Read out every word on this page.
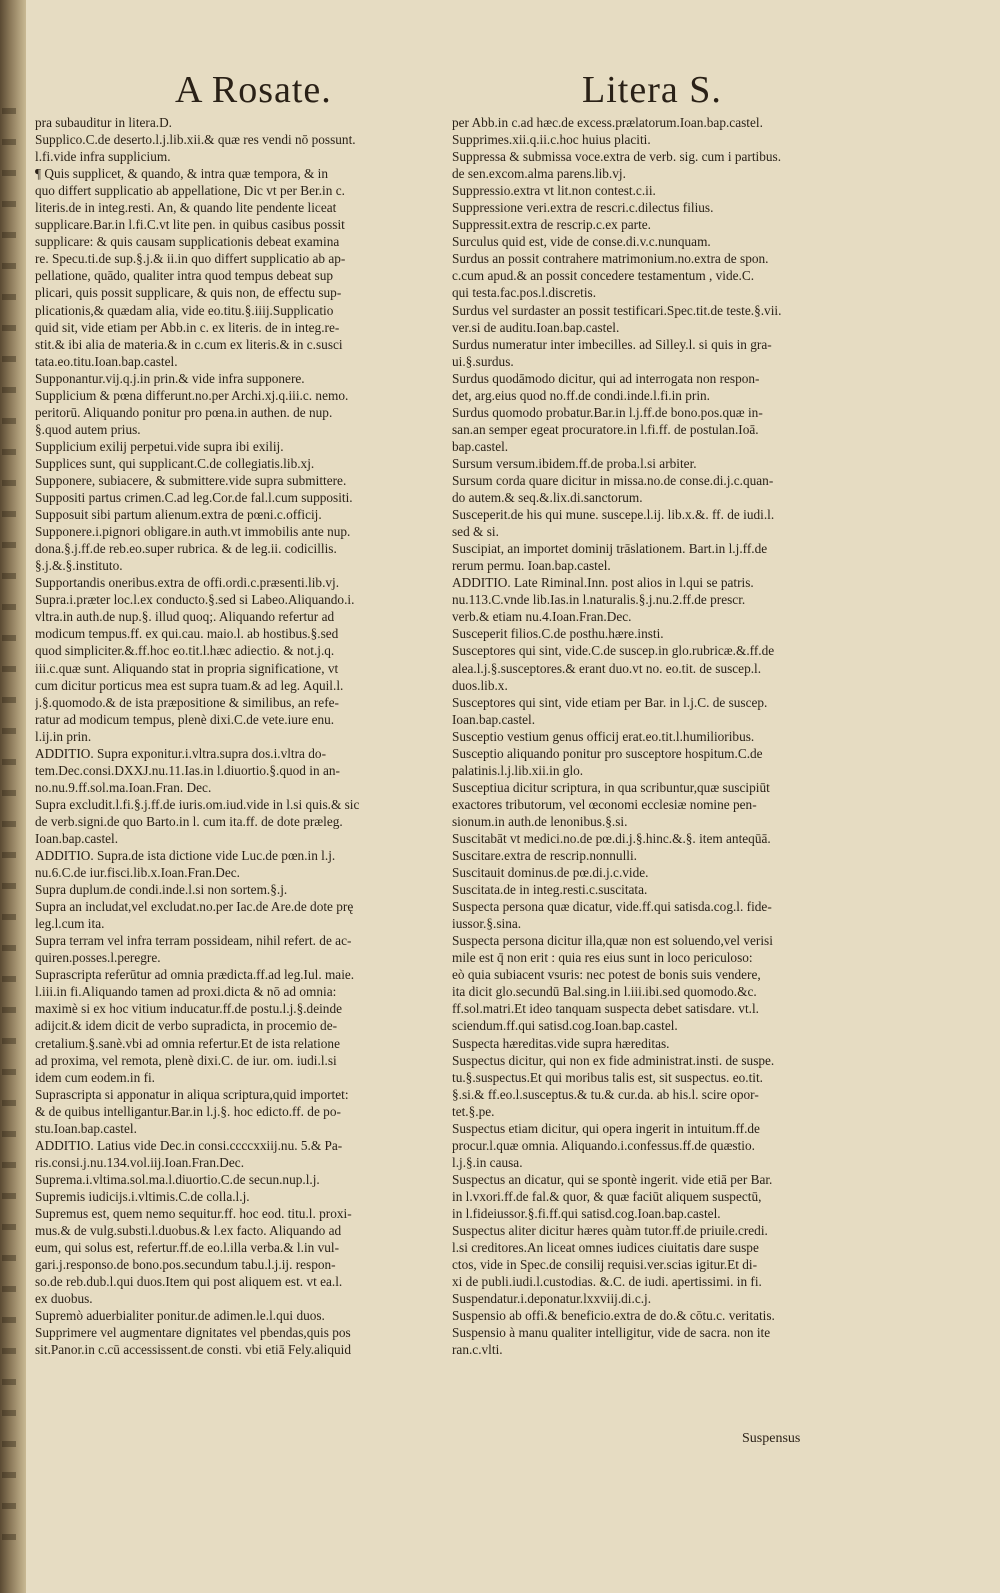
A Rosate.	Litera S.

pra subauditur in litera.D.

Supplico.C.de deserto.l.j.lib.xii.& quæ res vendi nō possunt.

l.fi.vide infra supplicium.

¶ Quis supplicet, & quando, & intra quæ tempora, & in

quo differt supplicatio ab appellatione, Dic vt per Ber.in c.

literis.de in integ.resti. An, & quando lite pendente liceat

supplicare.Bar.in l.fi.C.vt lite pen. in quibus casibus possit

supplicare: & quis causam supplicationis debeat examina

re. Specu.ti.de sup.§.j.& ii.in quo differt supplicatio ab ap-

pellatione, quādo, qualiter intra quod tempus debeat sup

plicari, quis possit supplicare, & quis non, de effectu sup-

plicationis,& quædam alia, vide eo.titu.§.iiij.Supplicatio

quid sit, vide etiam per Abb.in c. ex literis. de in integ.re-

stit.& ibi alia de materia.& in c.cum ex literis.& in c.susci

tata.eo.titu.Ioan.bap.castel.

Supponantur.vij.q.j.in prin.& vide infra supponere.

Supplicium & pœna differunt.no.per Archi.xj.q.iii.c. nemo.

peritorū. Aliquando ponitur pro pœna.in authen. de nup.

§.quod autem prius.

Supplicium exilij perpetui.vide supra ibi exilij.

Supplices sunt, qui supplicant.C.de collegiatis.lib.xj.

Supponere, subiacere, & submittere.vide supra submittere.

Suppositi partus crimen.C.ad leg.Cor.de fal.l.cum suppositi.

Supposuit sibi partum alienum.extra de pœni.c.officij.

Supponere.i.pignori obligare.in auth.vt immobilis ante nup.

dona.§.j.ff.de reb.eo.super rubrica. & de leg.ii. codicillis.

§.j.&.§.instituto.

Supportandis oneribus.extra de offi.ordi.c.præsenti.lib.vj.

Supra.i.præter loc.l.ex conducto.§.sed si Labeo.Aliquando.i.

vltra.in auth.de nup.§. illud quoq;. Aliquando refertur ad

modicum tempus.ff. ex qui.cau. maio.l. ab hostibus.§.sed

quod simpliciter.&.ff.hoc eo.tit.l.hæc adiectio. & not.j.q.

iii.c.quæ sunt. Aliquando stat in propria significatione, vt

cum dicitur porticus mea est supra tuam.& ad leg. Aquil.l.

j.§.quomodo.& de ista præpositione & similibus, an refe-

ratur ad modicum tempus, plenè dixi.C.de vete.iure enu.

l.ij.in prin.

ADDITIO. Supra exponitur.i.vltra.supra dos.i.vltra do-

tem.Dec.consi.DXXJ.nu.11.Ias.in l.diuortio.§.quod in an-

no.nu.9.ff.sol.ma.Ioan.Fran. Dec.

Supra excludit.l.fi.§.j.ff.de iuris.om.iud.vide in l.si quis.& sic

de verb.signi.de quo Barto.in l. cum ita.ff. de dote præleg.

Ioan.bap.castel.

ADDITIO. Supra.de ista dictione vide Luc.de pœn.in l.j.

nu.6.C.de iur.fisci.lib.x.Ioan.Fran.Dec.

Supra duplum.de condi.inde.l.si non sortem.§.j.

Supra an includat,vel excludat.no.per Iac.de Are.de dote prę

leg.l.cum ita.

Supra terram vel infra terram possideam, nihil refert. de ac-

quiren.posses.l.peregre.

Suprascripta referūtur ad omnia prædicta.ff.ad leg.Iul. maie.

l.iii.in fi.Aliquando tamen ad proxi.dicta & nō ad omnia:

maximè si ex hoc vitium inducatur.ff.de postu.l.j.§.deinde

adijcit.& idem dicit de verbo supradicta, in procemio de-

cretalium.§.sanè.vbi ad omnia refertur.Et de ista relatione

ad proxima, vel remota, plenè dixi.C. de iur. om. iudi.l.si

idem cum eodem.in fi.

Suprascripta si apponatur in aliqua scriptura,quid importet:

& de quibus intelligantur.Bar.in l.j.§. hoc edicto.ff. de po-

stu.Ioan.bap.castel.

ADDITIO. Latius vide Dec.in consi.ccccxxiij.nu. 5.& Pa-

ris.consi.j.nu.134.vol.iij.Ioan.Fran.Dec.

Suprema.i.vltima.sol.ma.l.diuortio.C.de secun.nup.l.j.

Supremis iudicijs.i.vltimis.C.de colla.l.j.

Supremus est, quem nemo sequitur.ff. hoc eod. titu.l. proxi-

mus.& de vulg.substi.l.duobus.& l.ex facto. Aliquando ad

eum, qui solus est, refertur.ff.de eo.l.illa verba.& l.in vul-

gari.j.responso.de bono.pos.secundum tabu.l.j.ij. respon-

so.de reb.dub.l.qui duos.Item qui post aliquem est. vt ea.l.

ex duobus.

Supremò aduerbialiter ponitur.de adimen.le.l.qui duos.

Supprimere vel augmentare dignitates vel pbendas,quis pos

sit.Panor.in c.cū accessissent.de consti. vbi etiā Fely.aliquid

per Abb.in c.ad hæc.de excess.prælatorum.Ioan.bap.castel.

Supprimes.xii.q.ii.c.hoc huius placiti.

Suppressa & submissa voce.extra de verb. sig. cum i partibus.

de sen.excom.alma parens.lib.vj.

Suppressio.extra vt lit.non contest.c.ii.

Suppressione veri.extra de rescri.c.dilectus filius.

Suppressit.extra de rescrip.c.ex parte.

Surculus quid est, vide de conse.di.v.c.nunquam.

Surdus an possit contrahere matrimonium.no.extra de spon.

c.cum apud.& an possit concedere testamentum , vide.C.

qui testa.fac.pos.l.discretis.

Surdus vel surdaster an possit testificari.Spec.tit.de teste.§.vii.

ver.si de auditu.Ioan.bap.castel.

Surdus numeratur inter imbecilles. ad Silley.l. si quis in gra-

ui.§.surdus.

Surdus quodāmodo dicitur, qui ad interrogata non respon-

det, arg.eius quod no.ff.de condi.inde.l.fi.in prin.

Surdus quomodo probatur.Bar.in l.j.ff.de bono.pos.quæ in-

san.an semper egeat procuratore.in l.fi.ff. de postulan.Ioā.

bap.castel.

Sursum versum.ibidem.ff.de proba.l.si arbiter.

Sursum corda quare dicitur in missa.no.de conse.di.j.c.quan-

do autem.& seq.&.lix.di.sanctorum.

Susceperit.de his qui mune. suscepe.l.ij. lib.x.&. ff. de iudi.l.

sed & si.

Suscipiat, an importet dominij trāslationem. Bart.in l.j.ff.de

rerum permu. Ioan.bap.castel.

ADDITIO. Late Riminal.Inn. post alios in l.qui se patris.

nu.113.C.vnde lib.Ias.in l.naturalis.§.j.nu.2.ff.de prescr.

verb.& etiam nu.4.Ioan.Fran.Dec.

Susceperit filios.C.de posthu.hære.insti.

Susceptores qui sint, vide.C.de suscep.in glo.rubricæ.&.ff.de

alea.l.j.§.susceptores.& erant duo.vt no. eo.tit. de suscep.l.

duos.lib.x.

Susceptores qui sint, vide etiam per Bar. in l.j.C. de suscep.

Ioan.bap.castel.

Susceptio vestium genus officij erat.eo.tit.l.humilioribus.

Susceptio aliquando ponitur pro susceptore hospitum.C.de

palatinis.l.j.lib.xii.in glo.

Susceptiua dicitur scriptura, in qua scribuntur,quæ suscipiūt

exactores tributorum, vel œconomi ecclesiæ nomine pen-

sionum.in auth.de lenonibus.§.si.

Suscitabāt vt medici.no.de pœ.di.j.§.hinc.&.§. item anteqūā.

Suscitare.extra de rescrip.nonnulli.

Suscitauit dominus.de pœ.di.j.c.vide.

Suscitata.de in integ.resti.c.suscitata.

Suspecta persona quæ dicatur, vide.ff.qui satisda.cog.l. fide-

iussor.§.sina.

Suspecta persona dicitur illa,quæ non est soluendo,vel verisi

mile est q̄ non erit : quia res eius sunt in loco periculoso:

eò quia subiacent vsuris: nec potest de bonis suis vendere,

ita dicit glo.secundū Bal.sing.in l.iii.ibi.sed quomodo.&c.

ff.sol.matri.Et ideo tanquam suspecta debet satisdare. vt.l.

sciendum.ff.qui satisd.cog.Ioan.bap.castel.

Suspecta hæreditas.vide supra hæreditas.

Suspectus dicitur, qui non ex fide administrat.insti. de suspe.

tu.§.suspectus.Et qui moribus talis est, sit suspectus. eo.tit.

§.si.& ff.eo.l.susceptus.& tu.& cur.da. ab his.l. scire opor-

tet.§.pe.

Suspectus etiam dicitur, qui opera ingerit in intuitum.ff.de

procur.l.quæ omnia. Aliquando.i.confessus.ff.de quæstio.

l.j.§.in causa.

Suspectus an dicatur, qui se spontè ingerit. vide etiā per Bar.

in l.vxori.ff.de fal.& quor, & quæ faciūt aliquem suspectū,

in l.fideiussor.§.fi.ff.qui satisd.cog.Ioan.bap.castel.

Suspectus aliter dicitur hæres quàm tutor.ff.de priuile.credi.

l.si creditores.An liceat omnes iudices ciuitatis dare suspe

ctos, vide in Spec.de consilij requisi.ver.scias igitur.Et di-

xi de publi.iudi.l.custodias. &.C. de iudi. apertissimi. in fi.

Suspendatur.i.deponatur.lxxviij.di.c.j.

Suspensio ab offi.& beneficio.extra de do.& cōtu.c. veritatis.

Suspensio à manu qualiter intelligitur, vide de sacra. non ite

ran.c.vlti.

Suspensus
